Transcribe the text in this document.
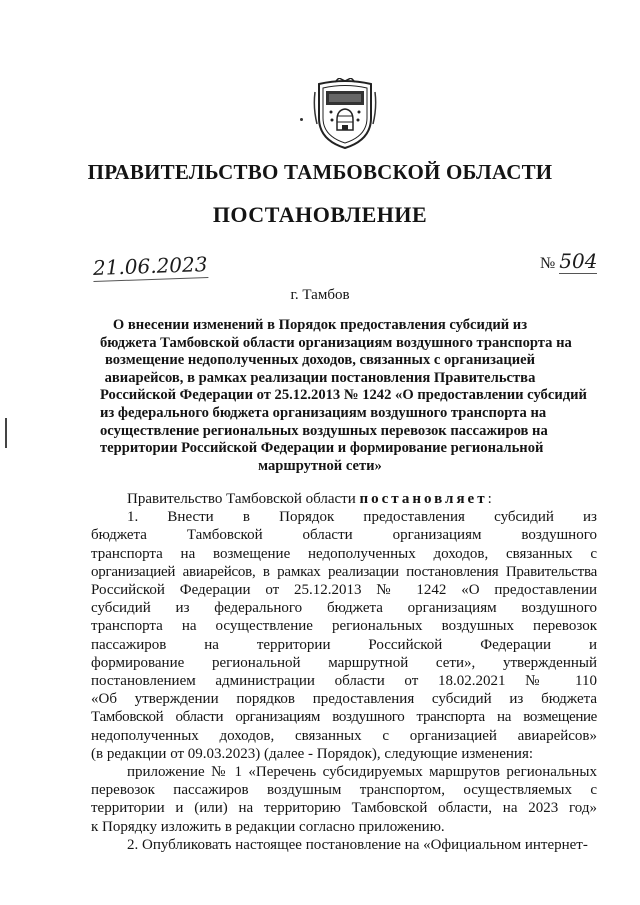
ПРАВИТЕЛЬСТВО ТАМБОВСКОЙ ОБЛАСТИ
ПОСТАНОВЛЕНИЕ
21.06.2023	№ 504
г. Тамбов
О внесении изменений в Порядок предоставления субсидий из
бюджета Тамбовской области организациям воздушного транспорта на
возмещение недополученных доходов, связанных с организацией
авиарейсов, в рамках реализации постановления Правительства
Российской Федерации от 25.12.2013 № 1242 «О предоставлении субсидий
из федерального бюджета организациям воздушного транспорта на
осуществление региональных воздушных перевозок пассажиров на
территории Российской Федерации и формирование региональной
маршрутной сети»
Правительство Тамбовской области постановляет:
1. Внести в Порядок предоставления субсидий из
бюджета Тамбовской области организациям воздушного
транспорта на возмещение недополученных доходов, связанных с
организацией авиарейсов, в рамках реализации постановления Правительства
Российской Федерации от 25.12.2013 № 1242 «О предоставлении
субсидий из федерального бюджета организациям воздушного
транспорта на осуществление региональных воздушных перевозок
пассажиров на территории Российской Федерации и
формирование региональной маршрутной сети», утвержденный
постановлением администрации области от 18.02.2021 № 110
«Об утверждении порядков предоставления субсидий из бюджета
Тамбовской области организациям воздушного транспорта на возмещение
недополученных доходов, связанных с организацией авиарейсов»
(в редакции от 09.03.2023) (далее - Порядок), следующие изменения:
приложение № 1 «Перечень субсидируемых маршрутов региональных
перевозок пассажиров воздушным транспортом, осуществляемых с
территории и (или) на территорию Тамбовской области, на 2023 год»
к Порядку изложить в редакции согласно приложению.
2. Опубликовать настоящее постановление на «Официальном интернет-
